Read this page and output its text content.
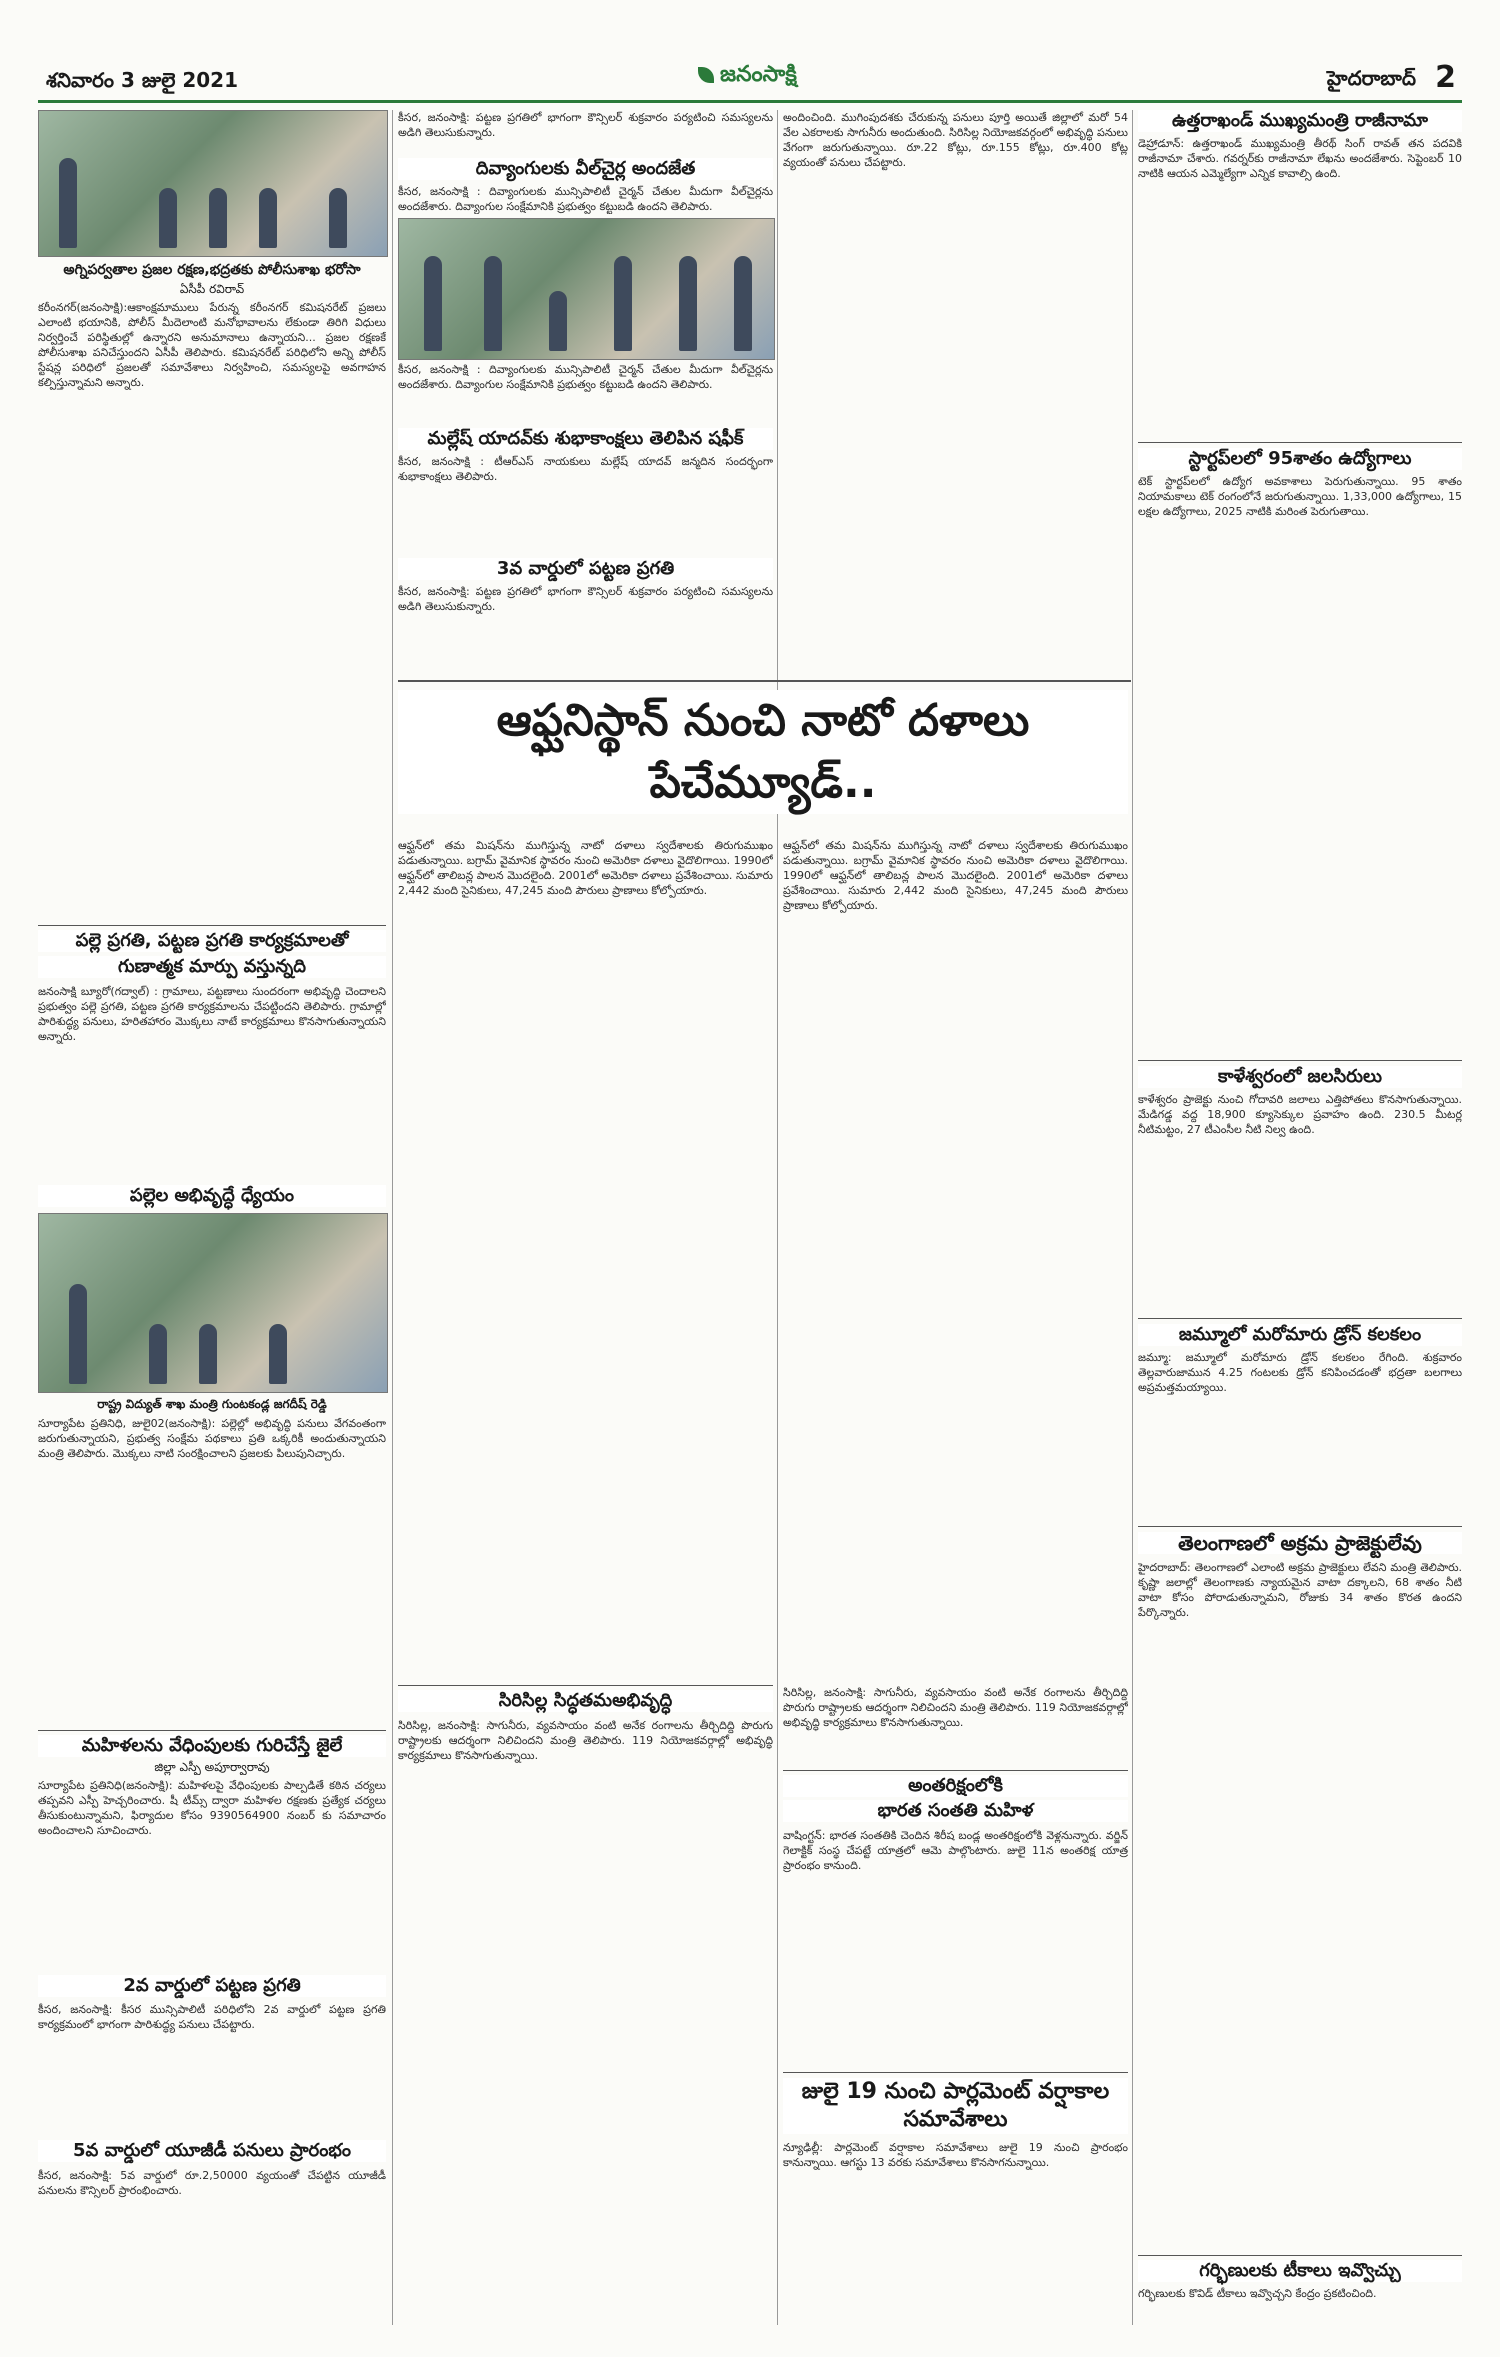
శనివారం 3 జులై 2021	జనంసాక్షి	హైదరాబాద్ 2
అగ్నిపర్వతాల ప్రజల రక్షణ,భద్రతకు పోలీసుశాఖ భరోసా
ఏసీపీ రవిరావ్
కరీంనగర్(జనంసాక్షి):ఆకాంక్షమాములు పేరున్న కరీంనగర్ కమిషనరేట్ ప్రజలు ఎలాంటి భయానికి, పోలీస్ మీదెలాంటి మనోభావాలను లేకుండా తిరిగి విధులు నిర్వర్తించే పరిస్థితుల్లో ఉన్నారని అనుమానాలు ఉన్నాయని... ప్రజల రక్షణకే పోలీసుశాఖ పనిచేస్తుందని ఏసీపీ తెలిపారు. కమిషనరేట్ పరిధిలోని అన్ని పోలీస్ స్టేషన్ల పరిధిలో ప్రజలతో సమావేశాలు నిర్వహించి, సమస్యలపై అవగాహన కల్పిస్తున్నామని అన్నారు.
పల్లె ప్రగతి, పట్టణ ప్రగతి కార్యక్రమాలతో
గుణాత్మక మార్పు వస్తున్నది
జనంసాక్షి బ్యూరో(గద్వాల్) : గ్రామాలు, పట్టణాలు సుందరంగా అభివృద్ధి చెందాలని ప్రభుత్వం పల్లె ప్రగతి, పట్టణ ప్రగతి కార్యక్రమాలను చేపట్టిందని తెలిపారు. గ్రామాల్లో పారిశుద్ధ్య పనులు, హరితహారం మొక్కలు నాటే కార్యక్రమాలు కొనసాగుతున్నాయని అన్నారు.
పల్లెల అభివృద్ధే ధ్యేయం
రాష్ట్ర విద్యుత్ శాఖ మంత్రి గుంటకండ్ల జగదీష్ రెడ్డి
సూర్యాపేట ప్రతినిధి, జులై02(జనంసాక్షి): పల్లెల్లో అభివృద్ధి పనులు వేగవంతంగా జరుగుతున్నాయని, ప్రభుత్వ సంక్షేమ పథకాలు ప్రతి ఒక్కరికీ అందుతున్నాయని మంత్రి తెలిపారు. మొక్కలు నాటి సంరక్షించాలని ప్రజలకు పిలుపునిచ్చారు.
మహిళలను వేధింపులకు గురిచేస్తే జైలే
జిల్లా ఎస్పీ అపూర్వారావు
సూర్యాపేట ప్రతినిధి(జనంసాక్షి): మహిళలపై వేధింపులకు పాల్పడితే కఠిన చర్యలు తప్పవని ఎస్పీ హెచ్చరించారు. షీ టీమ్స్ ద్వారా మహిళల రక్షణకు ప్రత్యేక చర్యలు తీసుకుంటున్నామని, ఫిర్యాదుల కోసం 9390564900 నంబర్ కు సమాచారం అందించాలని సూచించారు.
2వ వార్డులో పట్టణ ప్రగతి
కీసర, జనంసాక్షి: కీసర మున్సిపాలిటీ పరిధిలోని 2వ వార్డులో పట్టణ ప్రగతి కార్యక్రమంలో భాగంగా పారిశుద్ధ్య పనులు చేపట్టారు.
5వ వార్డులో యూజీడీ పనులు ప్రారంభం
కీసర, జనంసాక్షి: 5వ వార్డులో రూ.2,50000 వ్యయంతో చేపట్టిన యూజీడీ పనులను కౌన్సిలర్ ప్రారంభించారు.
కీసర, జనంసాక్షి: పట్టణ ప్రగతిలో భాగంగా కౌన్సిలర్ శుక్రవారం పర్యటించి సమస్యలను అడిగి తెలుసుకున్నారు.
దివ్యాంగులకు వీల్‌చైర్ల అందజేత
కీసర, జనంసాక్షి : దివ్యాంగులకు మున్సిపాలిటీ చైర్మన్ చేతుల మీదుగా వీల్‌చైర్లను అందజేశారు. దివ్యాంగుల సంక్షేమానికి ప్రభుత్వం కట్టుబడి ఉందని తెలిపారు.
కీసర, జనంసాక్షి : దివ్యాంగులకు మున్సిపాలిటీ చైర్మన్ చేతుల మీదుగా వీల్‌చైర్లను అందజేశారు. దివ్యాంగుల సంక్షేమానికి ప్రభుత్వం కట్టుబడి ఉందని తెలిపారు.
మల్లేష్ యాదవ్‌కు శుభాకాంక్షలు తెలిపిన షఫీక్
కీసర, జనంసాక్షి : టీఆర్ఎస్ నాయకులు మల్లేష్ యాదవ్ జన్మదిన సందర్భంగా శుభాకాంక్షలు తెలిపారు.
3వ వార్డులో పట్టణ ప్రగతి
కీసర, జనంసాక్షి: పట్టణ ప్రగతిలో భాగంగా కౌన్సిలర్ శుక్రవారం పర్యటించి సమస్యలను అడిగి తెలుసుకున్నారు.
ఆఫ్ఘనిస్థాన్ నుంచి నాటో దళాలు పేచేమ్యూడ్..
ఆఫ్ఘన్‌లో తమ మిషన్‌ను ముగిస్తున్న నాటో దళాలు స్వదేశాలకు తిరుగుముఖం పడుతున్నాయి. బగ్రామ్ వైమానిక స్థావరం నుంచి అమెరికా దళాలు వైదొలిగాయి. 1990లో ఆఫ్ఘన్‌లో తాలిబన్ల పాలన మొదలైంది. 2001లో అమెరికా దళాలు ప్రవేశించాయి. సుమారు 2,442 మంది సైనికులు, 47,245 మంది పౌరులు ప్రాణాలు కోల్పోయారు.
సిరిసిల్ల సిద్ధతమఅభివృద్ధి
సిరిసిల్ల, జనంసాక్షి: సాగునీరు, వ్యవసాయం వంటి అనేక రంగాలను తీర్చిదిద్ది పొరుగు రాష్ట్రాలకు ఆదర్శంగా నిలిచిందని మంత్రి తెలిపారు. 119 నియోజకవర్గాల్లో అభివృద్ధి కార్యక్రమాలు కొనసాగుతున్నాయి.
అందించింది. ముగింపుదశకు చేరుకున్న పనులు పూర్తి అయితే జిల్లాలో మరో 54 వేల ఎకరాలకు సాగునీరు అందుతుంది. సిరిసిల్ల నియోజకవర్గంలో అభివృద్ధి పనులు వేగంగా జరుగుతున్నాయి. రూ.22 కోట్లు, రూ.155 కోట్లు, రూ.400 కోట్ల వ్యయంతో పనులు చేపట్టారు.
ఆఫ్ఘన్‌లో తమ మిషన్‌ను ముగిస్తున్న నాటో దళాలు స్వదేశాలకు తిరుగుముఖం పడుతున్నాయి. బగ్రామ్ వైమానిక స్థావరం నుంచి అమెరికా దళాలు వైదొలిగాయి. 1990లో ఆఫ్ఘన్‌లో తాలిబన్ల పాలన మొదలైంది. 2001లో అమెరికా దళాలు ప్రవేశించాయి. సుమారు 2,442 మంది సైనికులు, 47,245 మంది పౌరులు ప్రాణాలు కోల్పోయారు.
సిరిసిల్ల, జనంసాక్షి: సాగునీరు, వ్యవసాయం వంటి అనేక రంగాలను తీర్చిదిద్ది పొరుగు రాష్ట్రాలకు ఆదర్శంగా నిలిచిందని మంత్రి తెలిపారు. 119 నియోజకవర్గాల్లో అభివృద్ధి కార్యక్రమాలు కొనసాగుతున్నాయి.
అంతరిక్షంలోకి
భారత సంతతి మహిళ
వాషింగ్టన్: భారత సంతతికి చెందిన శిరీష బండ్ల అంతరిక్షంలోకి వెళ్లనున్నారు. వర్జిన్ గెలాక్టిక్ సంస్థ చేపట్టే యాత్రలో ఆమె పాల్గొంటారు. జులై 11న అంతరిక్ష యాత్ర ప్రారంభం కానుంది.
జులై 19 నుంచి పార్లమెంట్ వర్షాకాల సమావేశాలు
న్యూఢిల్లీ: పార్లమెంట్ వర్షాకాల సమావేశాలు జులై 19 నుంచి ప్రారంభం కానున్నాయి. ఆగస్టు 13 వరకు సమావేశాలు కొనసాగనున్నాయి.
ఉత్తరాఖండ్ ముఖ్యమంత్రి రాజీనామా
డెహ్రాడూన్: ఉత్తరాఖండ్ ముఖ్యమంత్రి తీరథ్ సింగ్ రావత్ తన పదవికి రాజీనామా చేశారు. గవర్నర్‌కు రాజీనామా లేఖను అందజేశారు. సెప్టెంబర్ 10 నాటికి ఆయన ఎమ్మెల్యేగా ఎన్నిక కావాల్సి ఉంది.
స్టార్టప్‌లలో 95శాతం ఉద్యోగాలు
టెక్ స్టార్టప్‌లలో ఉద్యోగ అవకాశాలు పెరుగుతున్నాయి. 95 శాతం నియామకాలు టెక్ రంగంలోనే జరుగుతున్నాయి. 1,33,000 ఉద్యోగాలు, 15 లక్షల ఉద్యోగాలు, 2025 నాటికి మరింత పెరుగుతాయి.
కాళేశ్వరంలో జలసిరులు
కాళేశ్వరం ప్రాజెక్టు నుంచి గోదావరి జలాలు ఎత్తిపోతలు కొనసాగుతున్నాయి. మేడిగడ్డ వద్ద 18,900 క్యూసెక్కుల ప్రవాహం ఉంది. 230.5 మీటర్ల నీటిమట్టం, 27 టీఎంసీల నీటి నిల్వ ఉంది.
జమ్మూలో మరోమారు డ్రోన్ కలకలం
జమ్మూ: జమ్మూలో మరోమారు డ్రోన్ కలకలం రేగింది. శుక్రవారం తెల్లవారుజామున 4.25 గంటలకు డ్రోన్ కనిపించడంతో భద్రతా బలగాలు అప్రమత్తమయ్యాయి.
తెలంగాణలో అక్రమ ప్రాజెక్టులేవు
హైదరాబాద్: తెలంగాణలో ఎలాంటి అక్రమ ప్రాజెక్టులు లేవని మంత్రి తెలిపారు. కృష్ణా జలాల్లో తెలంగాణకు న్యాయమైన వాటా దక్కాలని, 68 శాతం నీటి వాటా కోసం పోరాడుతున్నామని, రోజుకు 34 శాతం కొరత ఉందని పేర్కొన్నారు.
గర్భిణులకు టీకాలు ఇవ్వొచ్చు
గర్భిణులకు కొవిడ్ టీకాలు ఇవ్వొచ్చని కేంద్రం ప్రకటించింది.
